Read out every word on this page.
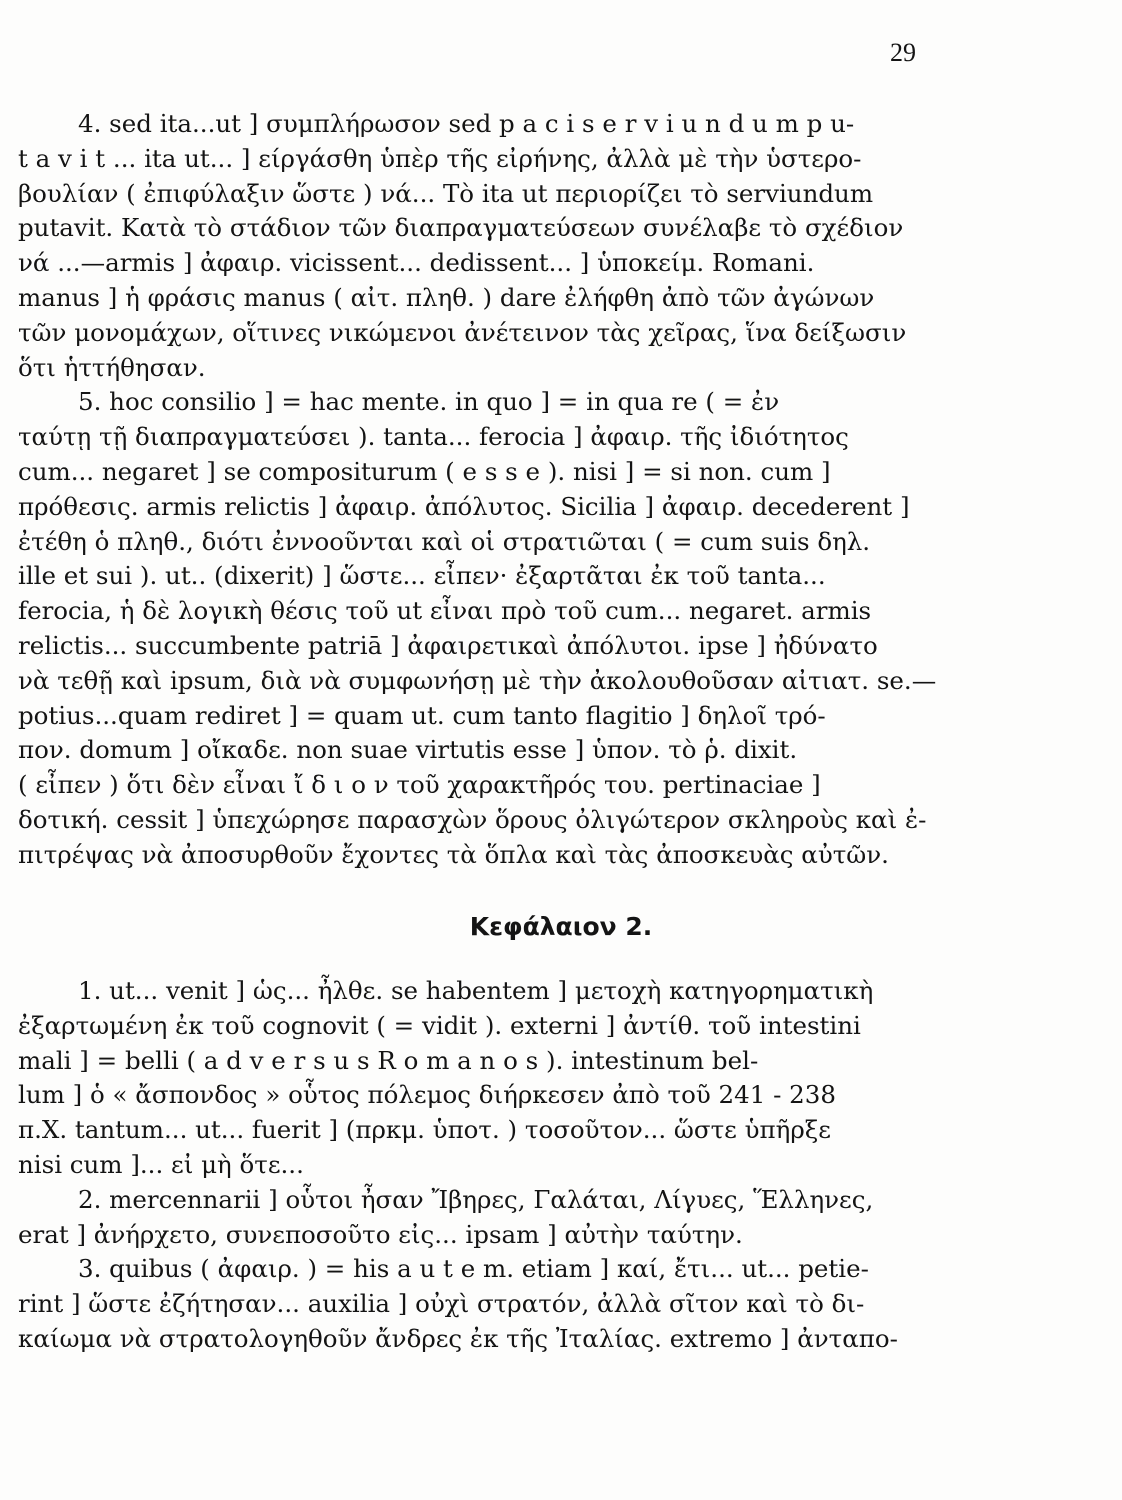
29
4. sed ita...ut ] συμπλήρωσον sed p a c i s e r v i u n d u m p u-
t a v i t ... ita ut... ] είργάσθη ὑπὲρ τῆς εἰρήνης, ἀλλὰ μὲ τὴν ὑστερο-
βουλίαν ( ἐπιφύλαξιν ὥστε ) νά... Τὸ ita ut περιορίζει τὸ serviundum
putavit. Κατὰ τὸ στάδιον τῶν διαπραγματεύσεων συνέλαβε τὸ σχέδιον
νά ...—armis ] ἀφαιρ. vicissent... dedissent... ] ὑποκείμ. Romani.
manus ] ἡ φράσις manus ( αἰτ. πληθ. ) dare ἐλήφθη ἀπὸ τῶν ἀγώνων
τῶν μονομάχων, οἵτινες νικώμενοι ἀνέτεινον τὰς χεῖρας, ἵνα δείξωσιν
ὅτι ἡττήθησαν.
5. hoc consilio ] = hac mente. in quo ] = in qua re ( = ἐν
ταύτῃ τῇ διαπραγματεύσει ). tanta... ferocia ] ἀφαιρ. τῆς ἰδιότητος
cum... negaret ] se compositurum ( e s s e ). nisi ] = si non. cum ]
πρόθεσις. armis relictis ] ἀφαιρ. ἀπόλυτος. Sicilia ] ἀφαιρ. decederent ]
ἐτέθη ὁ πληθ., διότι ἐννοοῦνται καὶ οἱ στρατιῶται ( = cum suis δηλ.
ille et sui ). ut.. (dixerit) ] ὥστε... εἶπεν· ἐξαρτᾶται ἐκ τοῦ tanta...
ferocia, ἡ δὲ λογικὴ θέσις τοῦ ut εἶναι πρὸ τοῦ cum... negaret. armis
relictis... succumbente patriā ] ἀφαιρετικαὶ ἀπόλυτοι. ipse ] ἠδύνατο
νὰ τεθῇ καὶ ipsum, διὰ νὰ συμφωνήσῃ μὲ τὴν ἀκολουθοῦσαν αἰτιατ. se.—
potius...quam rediret ] = quam ut. cum tanto flagitio ] δηλοῖ τρό-
πον. domum ] οἴκαδε. non suae virtutis esse ] ὑπον. τὸ ῥ. dixit.
( εἶπεν ) ὅτι δὲν εἶναι ἴ δ ι ο ν τοῦ χαρακτῆρός του. pertinaciae ]
δοτική. cessit ] ὑπεχώρησε παρασχὼν ὅρους ὀλιγώτερον σκληροὺς καὶ ἐ-
πιτρέψας νὰ ἀποσυρθοῦν ἔχοντες τὰ ὅπλα καὶ τὰς ἀποσκευὰς αὐτῶν.
Κεφάλαιον 2.
1. ut... venit ] ὡς... ἦλθε. se habentem ] μετοχὴ κατηγορηματικὴ
ἐξαρτωμένη ἐκ τοῦ cognovit ( = vidit ). externi ] ἀντίθ. τοῦ intestini
mali ] = belli ( a d v e r s u s R o m a n o s ). intestinum bel-
lum ] ὁ « ἄσπονδος » οὗτος πόλεμος διήρκεσεν ἀπὸ τοῦ 241 - 238
π.Χ. tantum... ut... fuerit ] (πρκμ. ὑποτ. ) τοσοῦτον... ὥστε ὑπῆρξε
nisi cum ]... εἰ μὴ ὅτε...
2. mercennarii ] οὗτοι ἦσαν Ἴβηρες, Γαλάται, Λίγυες, Ἕλληνες,
erat ] ἀνήρχετο, συνεποσοῦτο εἰς... ipsam ] αὐτὴν ταύτην.
3. quibus ( ἀφαιρ. ) = his a u t e m. etiam ] καί, ἔτι... ut... petie-
rint ] ὥστε ἐζήτησαν... auxilia ] οὐχὶ στρατόν, ἀλλὰ σῖτον καὶ τὸ δι-
καίωμα νὰ στρατολογηθοῦν ἄνδρες ἐκ τῆς Ἰταλίας. extremo ] ἀνταπο-
